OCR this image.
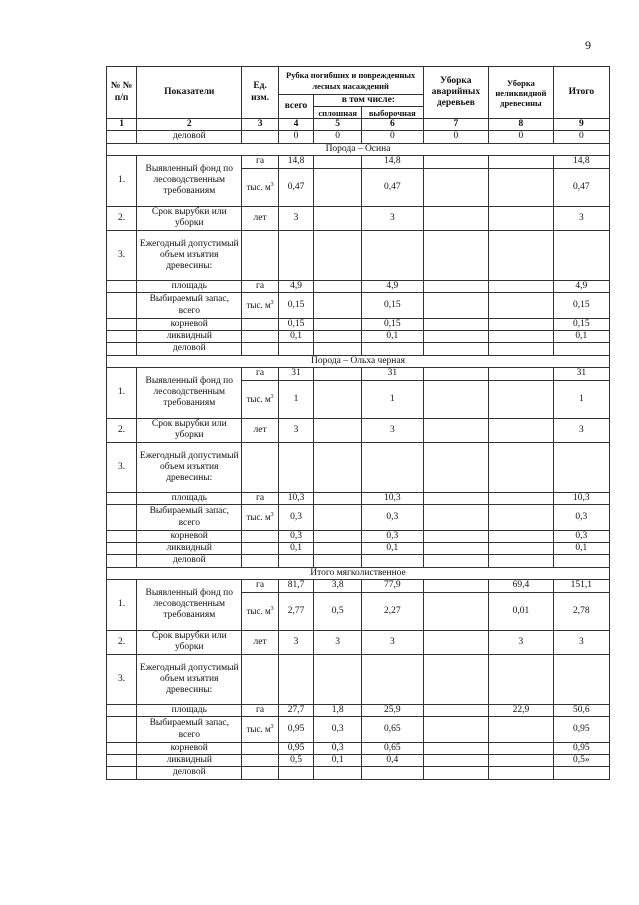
9
№ № п/п	Показатели	Ед. изм.	Рубка погибших и поврежденных лесных насаждений			Уборка аварийных деревьев	Уборка неликвидной древесины	Итого
			всего	в том числе:				
				сплошная	выборочная			
1	2	3	4	5	6	7	8	9
	деловой		0	0	0	0	0	0
Порода – Осина								
1.	Выявленный фонд по лесоводственным требованиям	га	14,8		14,8			14,8
		тыс. $м^3$	0,47		0,47			0,47
2.	Срок вырубки или уборки	лет	3		3			3
3.	Ежегодный допустимый объем изъятия древесины:							
	площадь	га	4,9		4,9			4,9
	Выбираемый запас, всего	тыс. $м^3$	0,15		0,15			0,15
	корневой		0,15		0,15			0,15
	ликвидный		0,1		0,1			0,1
	деловой							
Порода – Ольха черная								
1.	Выявленный фонд по лесоводственным требованиям	га	31		31			31
		тыс. $м^3$	1		1			1
2.	Срок вырубки или уборки	лет	3		3			3
3.	Ежегодный допустимый объем изъятия древесины:							
	площадь	га	10,3		10,3			10,3
	Выбираемый запас, всего	тыс. $м^3$	0,3		0,3			0,3
	корневой		0,3		0,3			0,3
	ликвидный		0,1		0,1			0,1
	деловой							
Итого мягколиственное								
1.	Выявленный фонд по лесоводственным требованиям	га	81,7	3,8	77,9		69,4	151,1
		тыс. $м^3$	2,77	0,5	2,27		0,01	2,78
2.	Срок вырубки или уборки	лет	3	3	3		3	3
3.	Ежегодный допустимый объем изъятия древесины:							
	площадь	га	27,7	1,8	25,9		22,9	50,6
	Выбираемый запас, всего	тыс. $м^3$	0,95	0,3	0,65			0,95
	корневой		0,95	0,3	0,65			0,95
	ликвидный		0,5	0,1	0,4			0,5»
	деловой							
